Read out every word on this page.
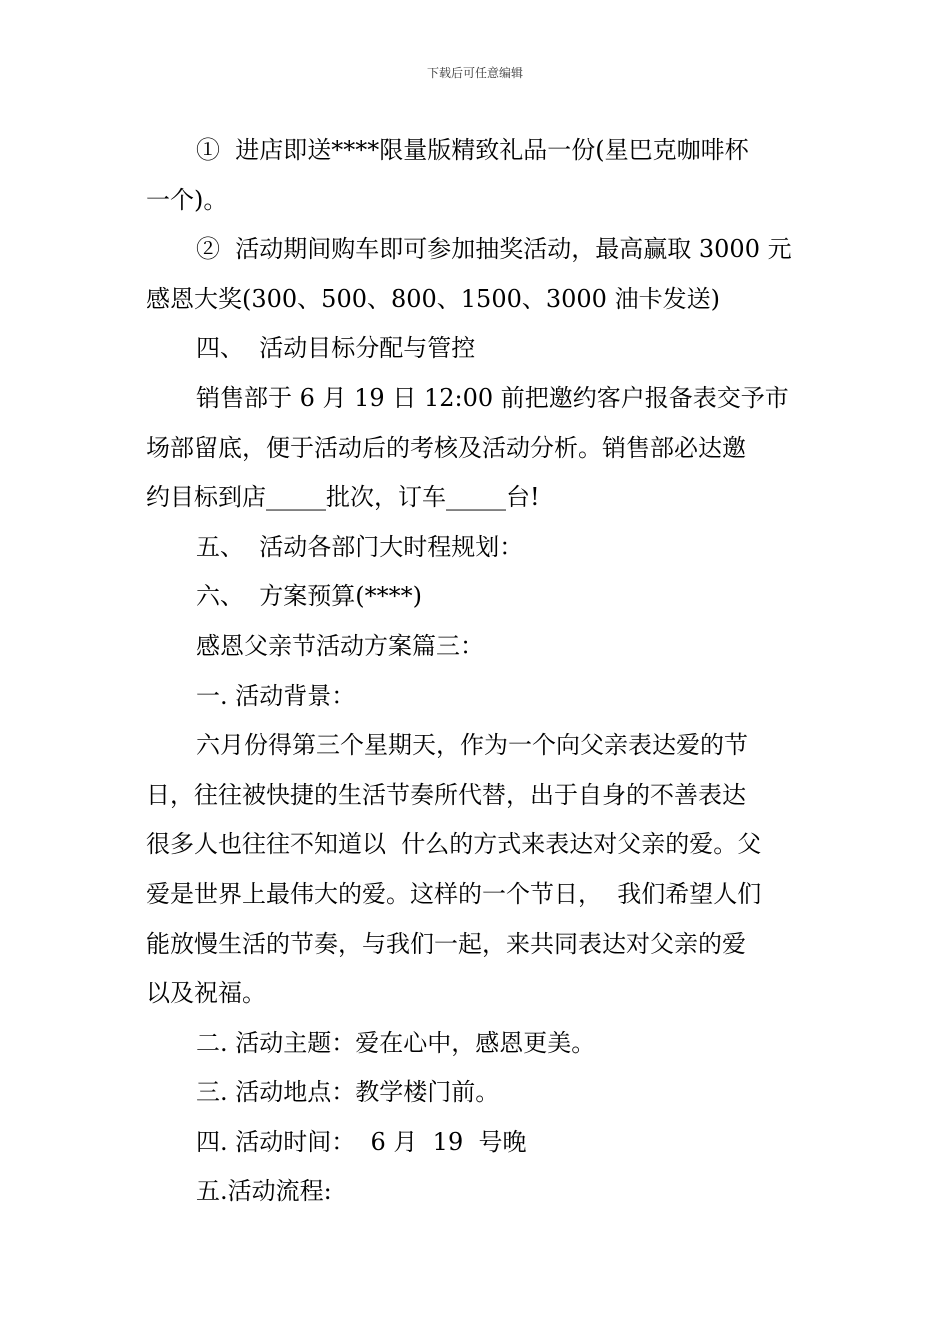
下载后可任意编辑
①  进店即送****限量版精致礼品一份(星巴克咖啡杯
一个)。
②  活动期间购车即可参加抽奖活动，最高赢取 3000 元
感恩大奖(300、500、800、1500、3000 油卡发送)
四、  活动目标分配与管控
销售部于 6 月 19 日 12:00 前把邀约客户报备表交予市
场部留底，便于活动后的考核及活动分析。销售部必达邀
约目标到店_____批次，订车_____台!
五、  活动各部门大时程规划：
六、  方案预算(****)
感恩父亲节活动方案篇三：
一. 活动背景：
六月份得第三个星期天，作为一个向父亲表达爱的节
日，往往被快捷的生活节奏所代替，出于自身的不善表达
很多人也往往不知道以  什么的方式来表达对父亲的爱。父
爱是世界上最伟大的爱。这样的一个节日，  我们希望人们
能放慢生活的节奏，与我们一起，来共同表达对父亲的爱
以及祝福。
二. 活动主题：爱在心中，感恩更美。
三. 活动地点：教学楼门前。
四. 活动时间：  6 月  19  号晚
五.活动流程:
